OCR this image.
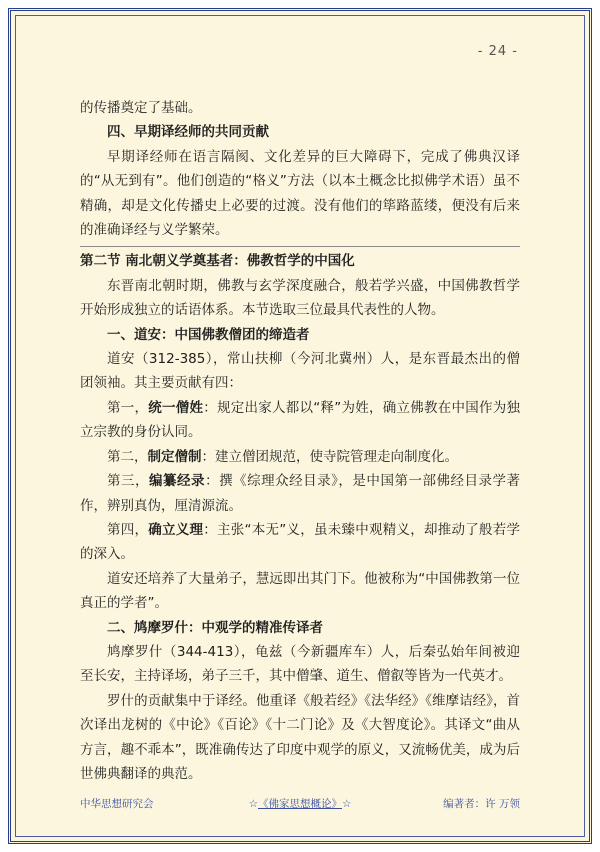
- 24 -

的传播奠定了基础。

四、早期译经师的共同贡献

早期译经师在语言隔阂、文化差异的巨大障碍下，完成了佛典汉译的“从无到有”。他们创造的“格义”方法（以本土概念比拟佛学术语）虽不精确，却是文化传播史上必要的过渡。没有他们的筚路蓝缕，便没有后来的准确译经与义学繁荣。

第二节 南北朝义学奠基者：佛教哲学的中国化

东晋南北朝时期，佛教与玄学深度融合，般若学兴盛，中国佛教哲学开始形成独立的话语体系。本节选取三位最具代表性的人物。

一、道安：中国佛教僧团的缔造者

道安（312-385），常山扶柳（今河北冀州）人，是东晋最杰出的僧团领袖。其主要贡献有四：

第一，统一僧姓：规定出家人都以“释”为姓，确立佛教在中国作为独立宗教的身份认同。

第二，制定僧制：建立僧团规范，使寺院管理走向制度化。

第三，编纂经录：撰《综理众经目录》，是中国第一部佛经目录学著作，辨别真伪，厘清源流。

第四，确立义理：主张“本无”义，虽未臻中观精义，却推动了般若学的深入。

道安还培养了大量弟子，慧远即出其门下。他被称为“中国佛教第一位真正的学者”。

二、鸠摩罗什：中观学的精准传译者

鸠摩罗什（344-413），龟兹（今新疆库车）人，后秦弘始年间被迎至长安，主持译场，弟子三千，其中僧肇、道生、僧叡等皆为一代英才。

罗什的贡献集中于译经。他重译《般若经》《法华经》《维摩诘经》，首次译出龙树的《中论》《百论》《十二门论》及《大智度论》。其译文“曲从方言，趣不乖本”，既准确传达了印度中观学的原义，又流畅优美，成为后世佛典翻译的典范。

中华思想研究会	☆《佛家思想概论》☆	编著者：许 万领
